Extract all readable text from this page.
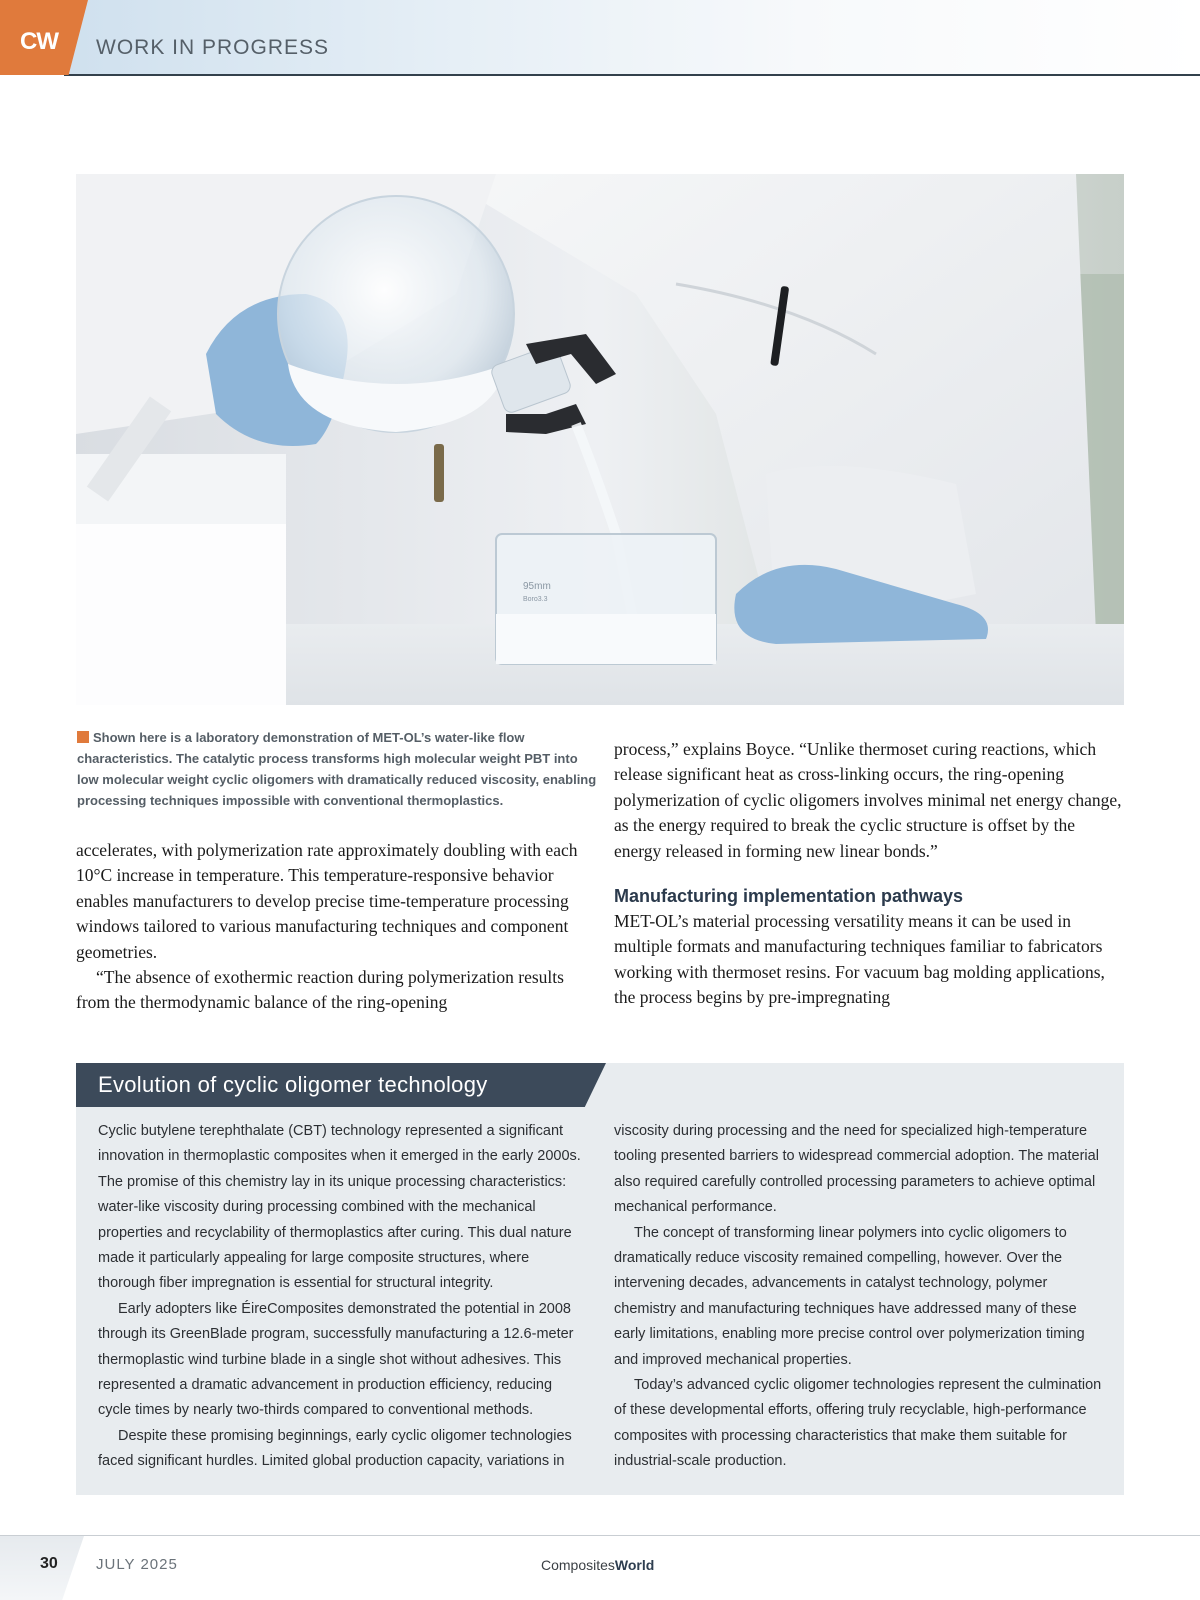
CW WORK IN PROGRESS
95mm
Boro3.3
Shown here is a laboratory demonstration of MET-OL’s water-like flow characteristics. The catalytic process transforms high molecular weight PBT into low molecular weight cyclic oligomers with dramatically reduced viscosity, enabling processing techniques impossible with conventional thermoplastics.

accelerates, with polymerization rate approximately doubling with each 10°C increase in temperature. This temperature-responsive behavior enables manufacturers to develop precise time-temperature processing windows tailored to various manufacturing techniques and component geometries.

“The absence of exothermic reaction during polymerization results from the thermodynamic balance of the ring-opening

process,” explains Boyce. “Unlike thermoset curing reactions, which release significant heat as cross-linking occurs, the ring-opening polymerization of cyclic oligomers involves minimal net energy change, as the energy required to break the cyclic structure is offset by the energy released in forming new linear bonds.”

Manufacturing implementation pathways

MET-OL’s material processing versatility means it can be used in multiple formats and manufacturing techniques familiar to fabricators working with thermoset resins. For vacuum bag molding applications, the process begins by pre-impregnating

Evolution of cyclic oligomer technology

Cyclic butylene terephthalate (CBT) technology represented a significant innovation in thermoplastic composites when it emerged in the early 2000s. The promise of this chemistry lay in its unique processing characteristics: water-like viscosity during processing combined with the mechanical properties and recyclability of thermoplastics after curing. This dual nature made it particularly appealing for large composite structures, where thorough fiber impregnation is essential for structural integrity.

Early adopters like ÉireComposites demonstrated the potential in 2008 through its GreenBlade program, successfully manufacturing a 12.6-meter thermoplastic wind turbine blade in a single shot without adhesives. This represented a dramatic advancement in production efficiency, reducing cycle times by nearly two-thirds compared to conventional methods.

Despite these promising beginnings, early cyclic oligomer technologies faced significant hurdles. Limited global production capacity, variations in

viscosity during processing and the need for specialized high-temperature tooling presented barriers to widespread commercial adoption. The material also required carefully controlled processing parameters to achieve optimal mechanical performance.

The concept of transforming linear polymers into cyclic oligomers to dramatically reduce viscosity remained compelling, however. Over the intervening decades, advancements in catalyst technology, polymer chemistry and manufacturing techniques have addressed many of these early limitations, enabling more precise control over polymerization timing and improved mechanical properties.

Today’s advanced cyclic oligomer technologies represent the culmination of these developmental efforts, offering truly recyclable, high-performance composites with processing characteristics that make them suitable for industrial-scale production.

30	JULY 2025	CompositesWorld
